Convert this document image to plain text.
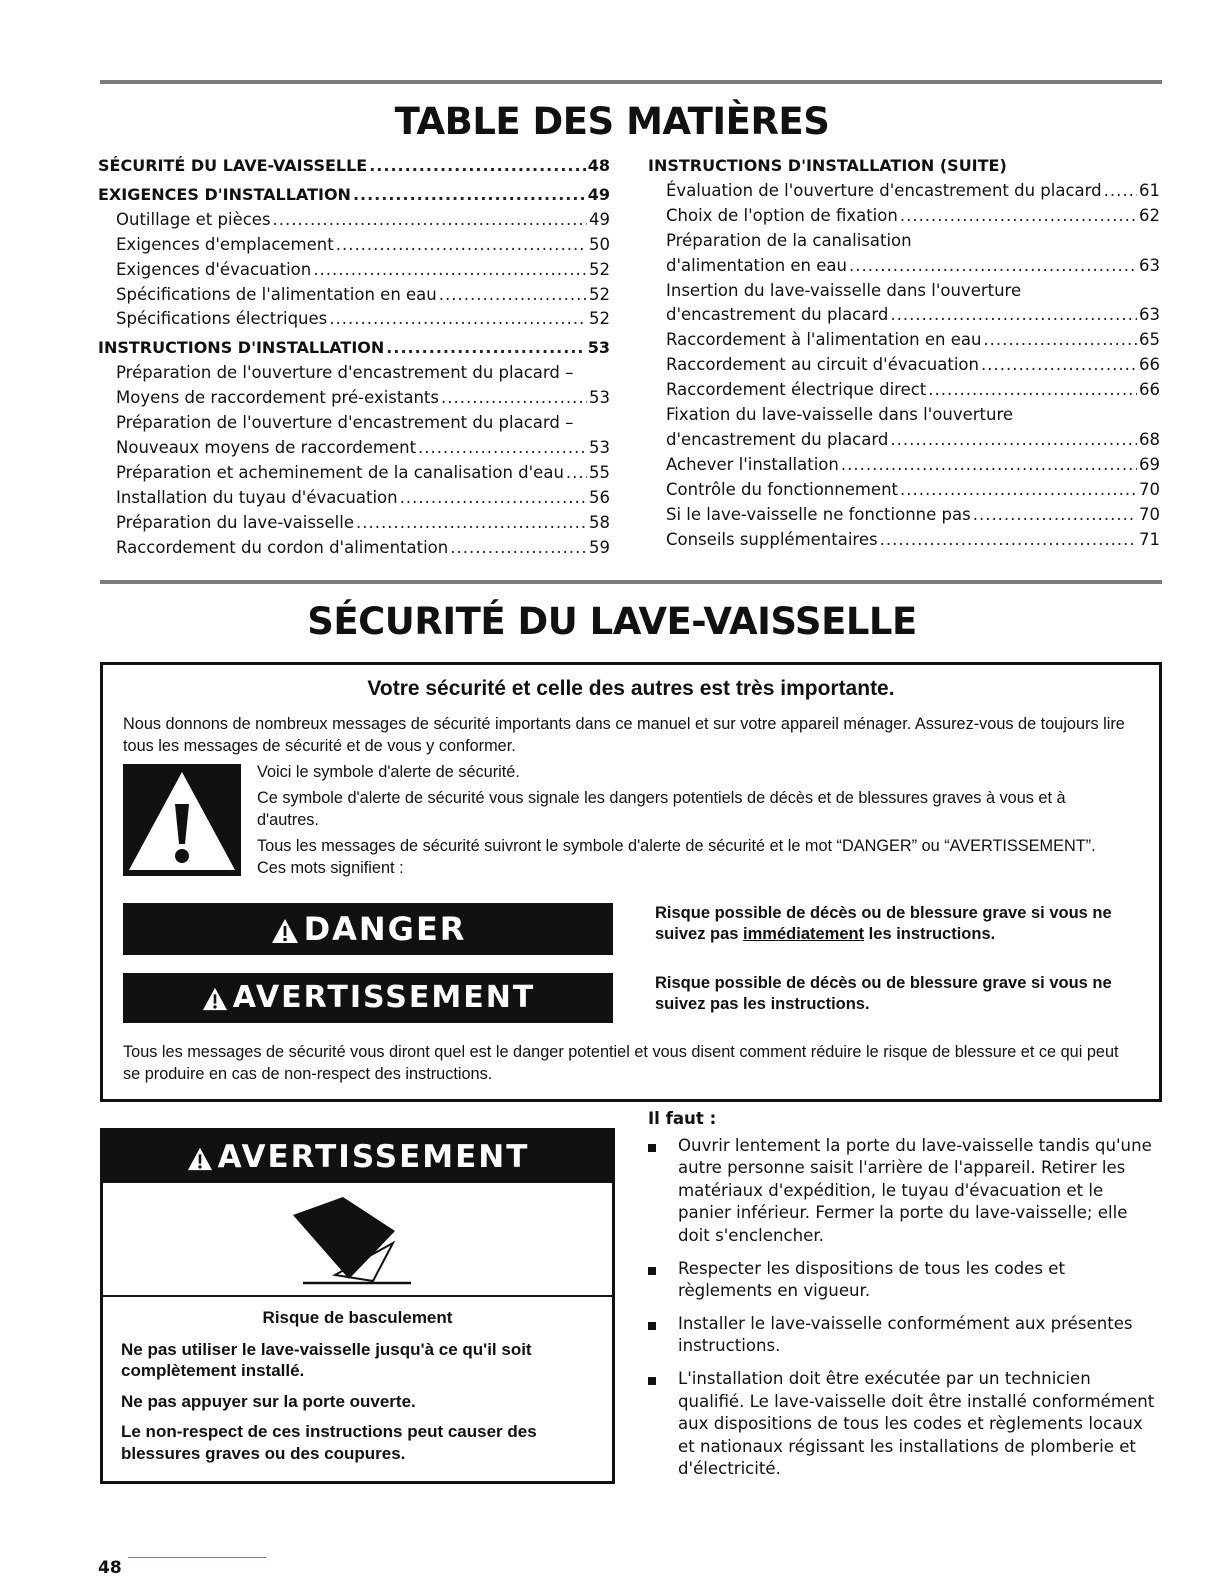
TABLE DES MATIÈRES
SÉCURITÉ DU LAVE-VAISSELLE .....	48
EXIGENCES D'INSTALLATION .....	49
Outillage et pièces .....	49
Exigences d'emplacement .....	50
Exigences d'évacuation .....	52
Spécifications de l'alimentation en eau .....	52
Spécifications électriques .....	52
INSTRUCTIONS D'INSTALLATION .....	53
Préparation de l'ouverture d'encastrement du placard –
Moyens de raccordement pré-existants .....	53
Préparation de l'ouverture d'encastrement du placard –
Nouveaux moyens de raccordement .....	53
Préparation et acheminement de la canalisation d'eau ..... 55
Installation du tuyau d'évacuation .....	56
Préparation du lave-vaisselle .....	58
Raccordement du cordon d'alimentation .....	59
INSTRUCTIONS D'INSTALLATION (SUITE)
Évaluation de l'ouverture d'encastrement du placard ..... 61
Choix de l'option de fixation .....	62
Préparation de la canalisation
d'alimentation en eau .....	63
Insertion du lave-vaisselle dans l'ouverture
d'encastrement du placard .....	63
Raccordement à l'alimentation en eau .....	65
Raccordement au circuit d'évacuation .....	66
Raccordement électrique direct .....	66
Fixation du lave-vaisselle dans l'ouverture
d'encastrement du placard .....	68
Achever l'installation .....	69
Contrôle du fonctionnement .....	70
Si le lave-vaisselle ne fonctionne pas .....	70
Conseils supplémentaires .....	71
SÉCURITÉ DU LAVE-VAISSELLE
Votre sécurité et celle des autres est très importante.
Nous donnons de nombreux messages de sécurité importants dans ce manuel et sur votre appareil ménager. Assurez-vous de toujours lire tous les messages de sécurité et de vous y conformer.

Voici le symbole d'alerte de sécurité.

Ce symbole d'alerte de sécurité vous signale les dangers potentiels de décès et de blessures graves à vous et à d'autres.

Tous les messages de sécurité suivront le symbole d'alerte de sécurité et le mot “DANGER” ou “AVERTISSEMENT”. Ces mots signifient :

DANGER	Risque possible de décès ou de blessure grave si vous ne suivez pas immédiatement les instructions.
AVERTISSEMENT	Risque possible de décès ou de blessure grave si vous ne suivez pas les instructions.
Tous les messages de sécurité vous diront quel est le danger potentiel et vous disent comment réduire le risque de blessure et ce qui peut se produire en cas de non-respect des instructions.
AVERTISSEMENT
Risque de basculement

Ne pas utiliser le lave-vaisselle jusqu'à ce qu'il soit complètement installé.

Ne pas appuyer sur la porte ouverte.

Le non-respect de ces instructions peut causer des blessures graves ou des coupures.

Il faut :
Ouvrir lentement la porte du lave-vaisselle tandis qu'une autre personne saisit l'arrière de l'appareil. Retirer les matériaux d'expédition, le tuyau d'évacuation et le panier inférieur. Fermer la porte du lave-vaisselle; elle doit s'enclencher.
Respecter les dispositions de tous les codes et règlements en vigueur.
Installer le lave-vaisselle conformément aux présentes instructions.
L'installation doit être exécutée par un technicien qualifié. Le lave-vaisselle doit être installé conformément aux dispositions de tous les codes et règlements locaux et nationaux régissant les installations de plomberie et d'électricité.
48
